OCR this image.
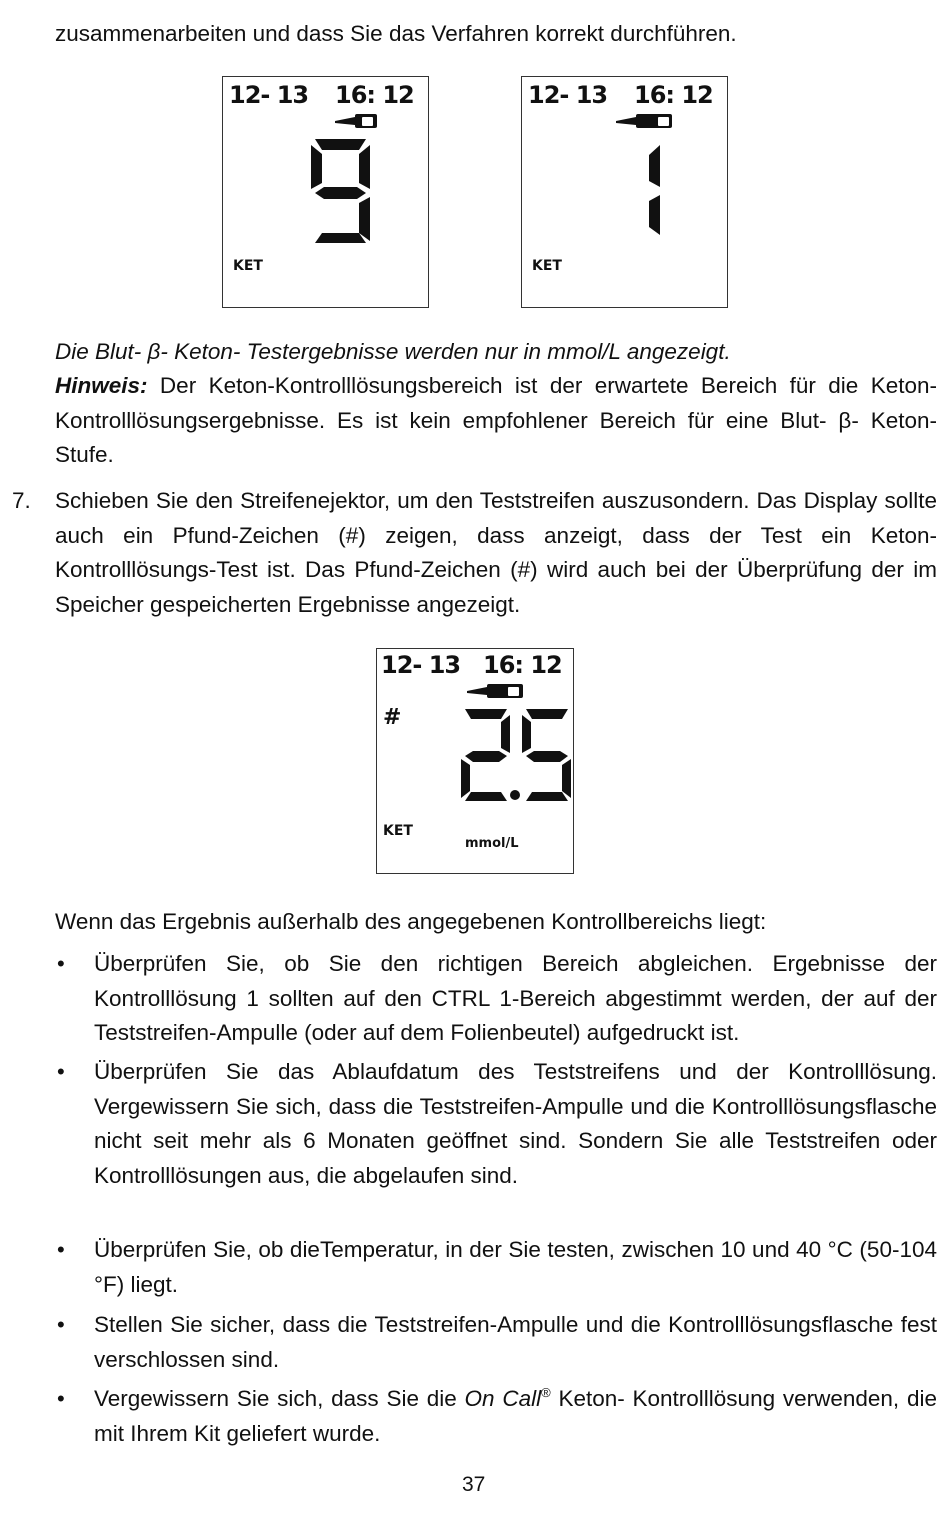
zusammenarbeiten und dass Sie das Verfahren korrekt durchführen.
12- 13 16: 12
C
KET
12- 13 16: 12
C
KET
Die Blut- β- Keton- Testergebnisse werden nur in mmol/L angezeigt.
Hinweis: Der Keton-Kontrolllösungsbereich ist der erwartete Bereich für die Keton- Kontrolllösungsergebnisse. Es ist kein empfohlener Bereich für eine Blut- β- Keton- Stufe.
7. Schieben Sie den Streifenejektor, um den Teststreifen auszusondern. Das Display sollte auch ein Pfund-Zeichen (#) zeigen, dass anzeigt, dass der Test ein Keton-Kontrolllösungs-Test ist. Das Pfund-Zeichen (#) wird auch bei der Überprüfung der im Speicher gespeicherten Ergebnisse angezeigt.
12- 13 16: 12
C
#
KET
mmol/L
Wenn das Ergebnis außerhalb des angegebenen Kontrollbereichs liegt:
• Überprüfen Sie, ob Sie den richtigen Bereich abgleichen. Ergebnisse der Kontrolllösung 1 sollten auf den CTRL 1-Bereich abgestimmt werden, der auf der Teststreifen-Ampulle (oder auf dem Folienbeutel) aufgedruckt ist.
• Überprüfen Sie das Ablaufdatum des Teststreifens und der Kontrolllösung. Vergewissern Sie sich, dass die Teststreifen-Ampulle und die Kontrolllösungsflasche nicht seit mehr als 6 Monaten geöffnet sind. Sondern Sie alle Teststreifen oder Kontrolllösungen aus, die abgelaufen sind.
• Überprüfen Sie, ob dieTemperatur, in der Sie testen, zwischen 10 und 40 °C (50-104 °F) liegt.
• Stellen Sie sicher, dass die Teststreifen-Ampulle und die Kontrolllösungsflasche fest verschlossen sind.
• Vergewissern Sie sich, dass Sie die On Call® Keton- Kontrolllösung verwenden, die mit Ihrem Kit geliefert wurde.
37
